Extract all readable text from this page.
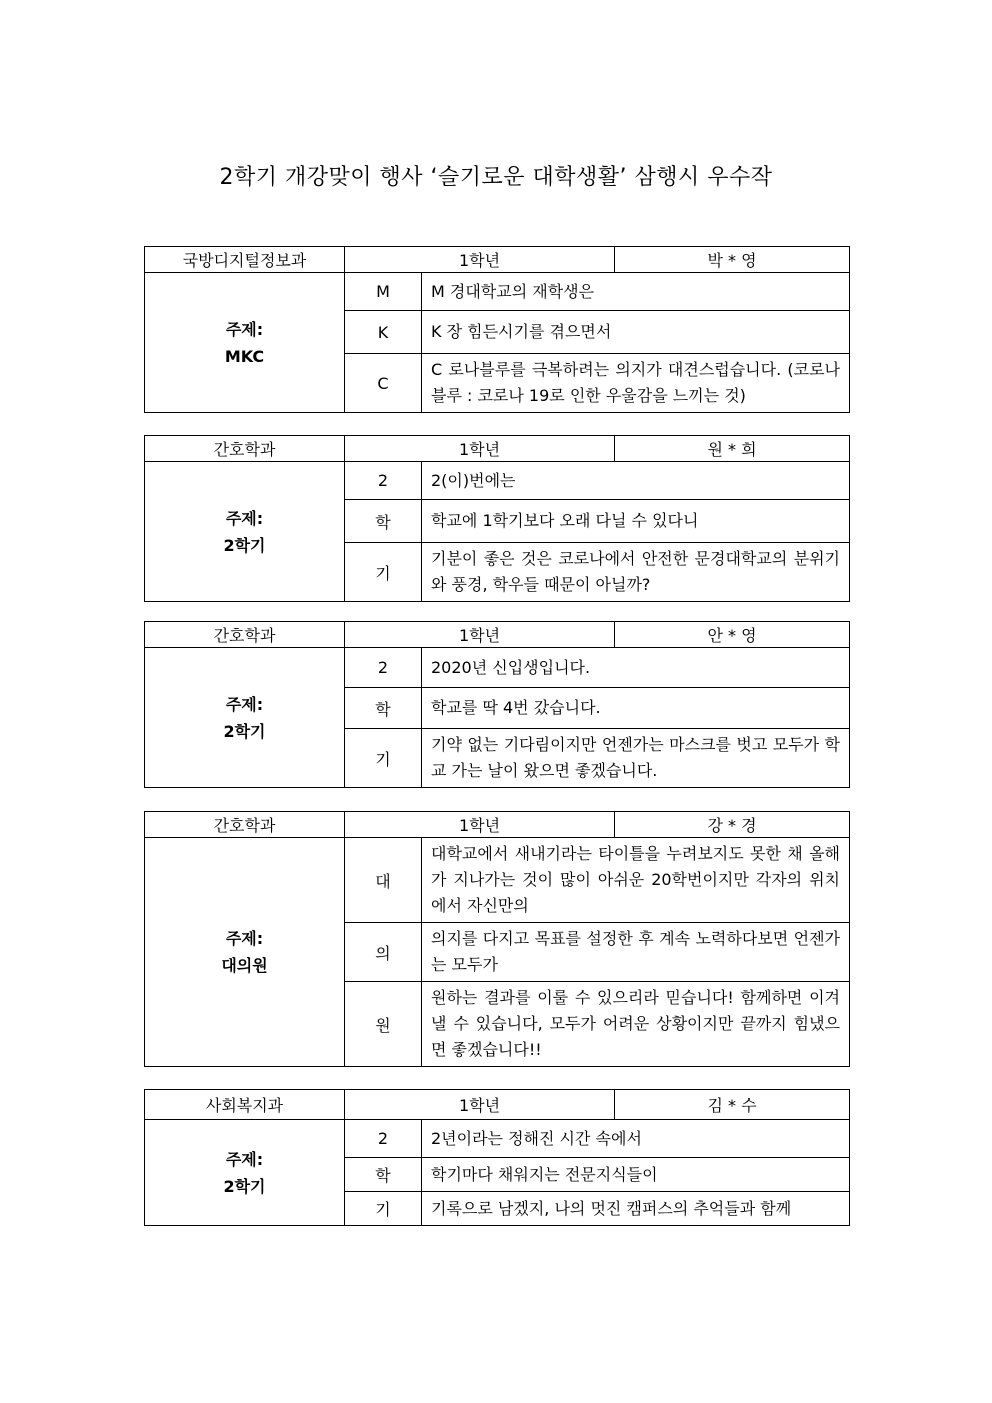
2학기 개강맞이 행사 ‘슬기로운 대학생활’ 삼행시 우수작
국방디지털정보과	1학년		박 * 영

주제:
MKC	M	M 경대학교의 재학생은	
	K	K 장 힘든시기를 겪으면서	
	C	C 로나블루를 극복하려는 의지가 대견스럽습니다. (코로나블루 : 코로나 19로 인한 우울감을 느끼는 것)	
간호학과	1학년		원 * 희

주제:
2학기	2	2(이)번에는	
	학	학교에 1학기보다 오래 다닐 수 있다니	
	기	기분이 좋은 것은 코로나에서 안전한 문경대학교의 분위기와 풍경, 학우들 때문이 아닐까?	
간호학과	1학년		안 * 영

주제:
2학기	2	2020년 신입생입니다.	
	학	학교를 딱 4번 갔습니다.	
	기	기약 없는 기다림이지만 언젠가는 마스크를 벗고 모두가 학교 가는 날이 왔으면 좋겠습니다.	
간호학과	1학년		강 * 경

주제:
대의원	대	대학교에서 새내기라는 타이틀을 누려보지도 못한 채 올해가 지나가는 것이 많이 아쉬운 20학번이지만 각자의 위치에서 자신만의	
	의	의지를 다지고 목표를 설정한 후 계속 노력하다보면 언젠가는 모두가	
	원	원하는 결과를 이룰 수 있으리라 믿습니다! 함께하면 이겨낼 수 있습니다, 모두가 어려운 상황이지만 끝까지 힘냈으면 좋겠습니다!!	
사회복지과	1학년		김 * 수

주제:
2학기	2	2년이라는 정해진 시간 속에서	
	학	학기마다 채워지는 전문지식들이	
	기	기록으로 남겠지, 나의 멋진 캠퍼스의 추억들과 함께	
